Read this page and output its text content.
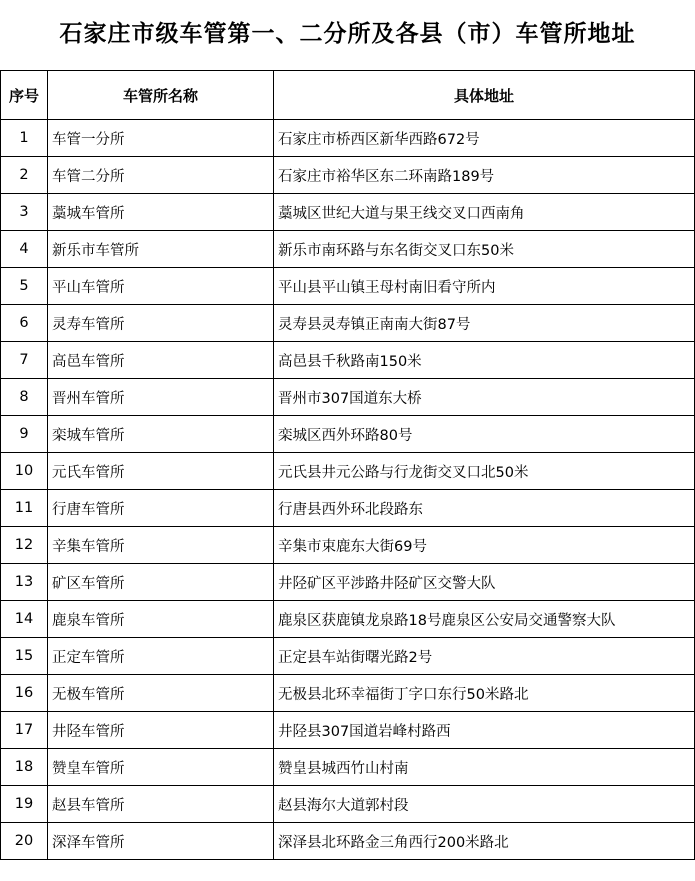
石家庄市级车管第一、二分所及各县（市）车管所地址
序号	车管所名称	具体地址
1	车管一分所	石家庄市桥西区新华西路672号
2	车管二分所	石家庄市裕华区东二环南路189号
3	藁城车管所	藁城区世纪大道与果王线交叉口西南角
4	新乐市车管所	新乐市南环路与东名街交叉口东50米
5	平山车管所	平山县平山镇王母村南旧看守所内
6	灵寿车管所	灵寿县灵寿镇正南南大街87号
7	高邑车管所	高邑县千秋路南150米
8	晋州车管所	晋州市307国道东大桥
9	栾城车管所	栾城区西外环路80号
10	元氏车管所	元氏县井元公路与行龙街交叉口北50米
11	行唐车管所	行唐县西外环北段路东
12	辛集车管所	辛集市束鹿东大街69号
13	矿区车管所	井陉矿区平涉路井陉矿区交警大队
14	鹿泉车管所	鹿泉区获鹿镇龙泉路18号鹿泉区公安局交通警察大队
15	正定车管所	正定县车站街曙光路2号
16	无极车管所	无极县北环幸福街丁字口东行50米路北
17	井陉车管所	井陉县307国道岩峰村路西
18	赞皇车管所	赞皇县城西竹山村南
19	赵县车管所	赵县海尔大道郭村段
20	深泽车管所	深泽县北环路金三角西行200米路北
